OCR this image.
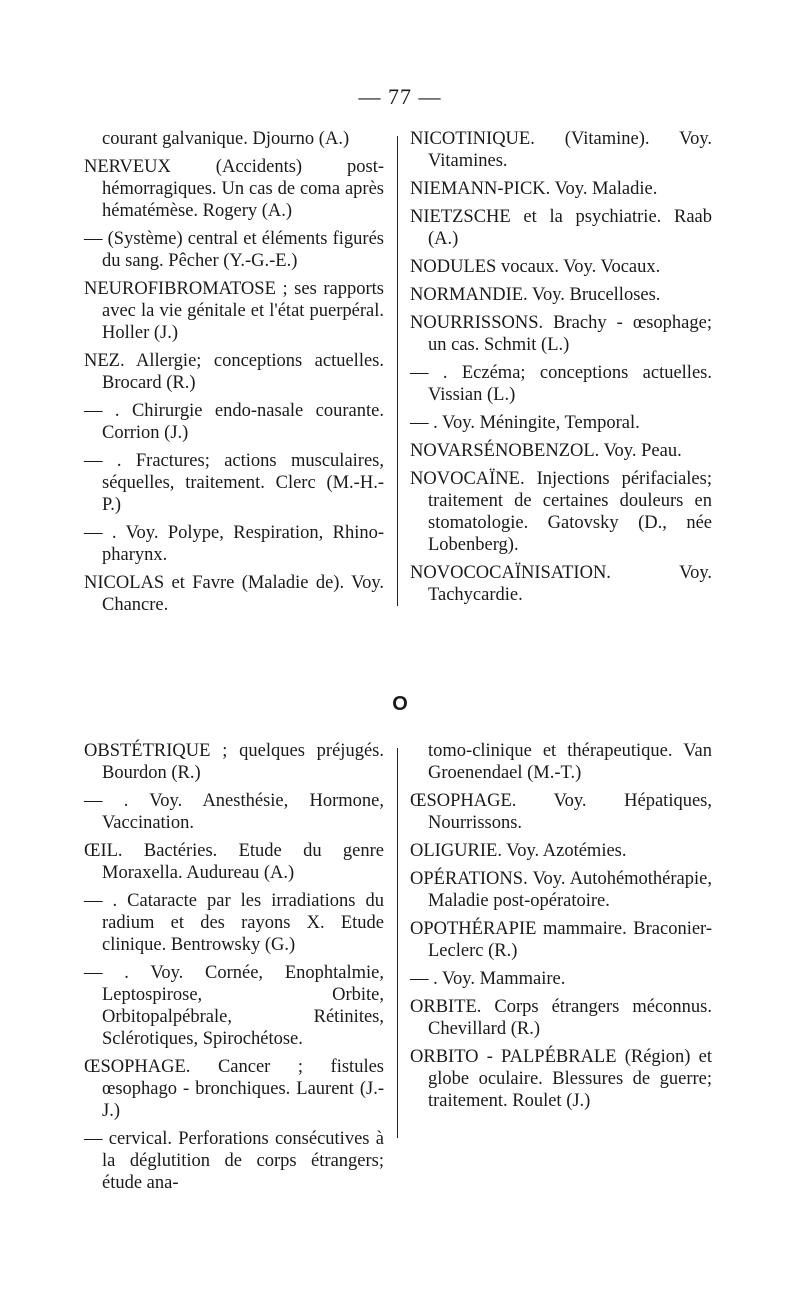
— 77 —

courant galvanique. Djourno (A.)

NERVEUX (Accidents) post-hémorragiques. Un cas de coma après hématémèse. Rogery (A.)

— (Système) central et éléments figurés du sang. Pêcher (Y.-G.-E.)

NEUROFIBROMATOSE ; ses rapports avec la vie génitale et l'état puerpéral. Holler (J.)

NEZ. Allergie; conceptions actuelles. Brocard (R.)

— . Chirurgie endo-nasale courante. Corrion (J.)

— . Fractures; actions musculaires, séquelles, traitement. Clerc (M.-H.-P.)

— . Voy. Polype, Respiration, Rhino-pharynx.

NICOLAS et Favre (Maladie de). Voy. Chancre.

NICOTINIQUE. (Vitamine). Voy. Vitamines.

NIEMANN-PICK. Voy. Maladie.

NIETZSCHE et la psychiatrie. Raab (A.)

NODULES vocaux. Voy. Vocaux.

NORMANDIE. Voy. Brucelloses.

NOURRISSONS. Brachy - œsophage; un cas. Schmit (L.)

— . Eczéma; conceptions actuelles. Vissian (L.)

— . Voy. Méningite, Temporal.

NOVARSÉNOBENZOL. Voy. Peau.

NOVOCAÏNE. Injections périfaciales; traitement de certaines douleurs en stomatologie. Gatovsky (D., née Lobenberg).

NOVOCOCAÏNISATION. Voy. Tachycardie.

O

OBSTÉTRIQUE ; quelques préjugés. Bourdon (R.)

— . Voy. Anesthésie, Hormone, Vaccination.

ŒIL. Bactéries. Etude du genre Moraxella. Audureau (A.)

— . Cataracte par les irradiations du radium et des rayons X. Etude clinique. Bentrowsky (G.)

— . Voy. Cornée, Enophtalmie, Leptospirose, Orbite, Orbitopalpébrale, Rétinites, Sclérotiques, Spirochétose.

ŒSOPHAGE. Cancer ; fistules œsophago - bronchiques. Laurent (J.-J.)

— cervical. Perforations consécutives à la déglutition de corps étrangers; étude ana-

tomo-clinique et thérapeutique. Van Groenendael (M.-T.)

ŒSOPHAGE. Voy. Hépatiques, Nourrissons.

OLIGURIE. Voy. Azotémies.

OPÉRATIONS. Voy. Autohémothérapie, Maladie post-opératoire.

OPOTHÉRAPIE mammaire. Braconier-Leclerc (R.)

— . Voy. Mammaire.

ORBITE. Corps étrangers méconnus. Chevillard (R.)

ORBITO - PALPÉBRALE (Région) et globe oculaire. Blessures de guerre; traitement. Roulet (J.)
